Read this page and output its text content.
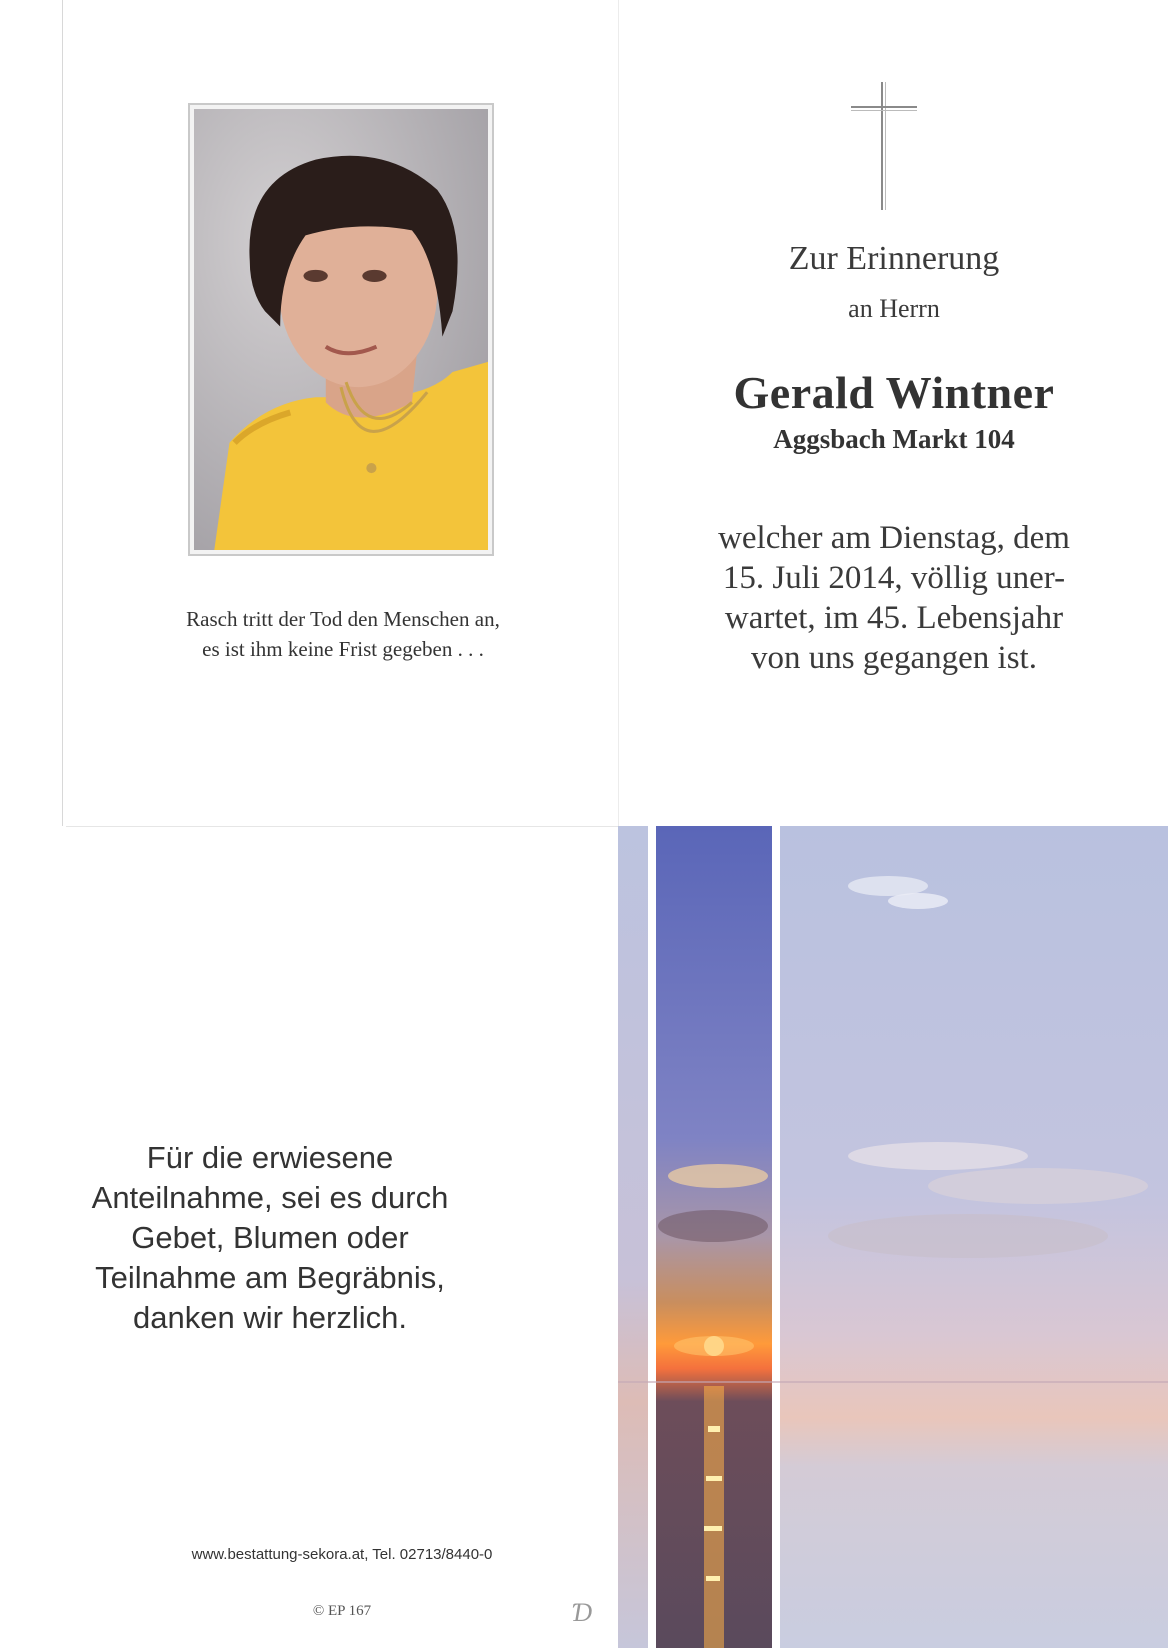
Rasch tritt der Tod den Menschen an,
es ist ihm keine Frist gegeben . . .
Zur Erinnerung
an Herrn
Gerald Wintner
Aggsbach Markt 104
welcher am Dienstag, dem
15. Juli 2014, völlig uner-
wartet, im 45. Lebensjahr
von uns gegangen ist.
Für die erwiesene
Anteilnahme, sei es durch
Gebet, Blumen oder
Teilnahme am Begräbnis,
danken wir herzlich.
www.bestattung-sekora.at, Tel. 02713/8440-0
© EP 167	Ɗ
